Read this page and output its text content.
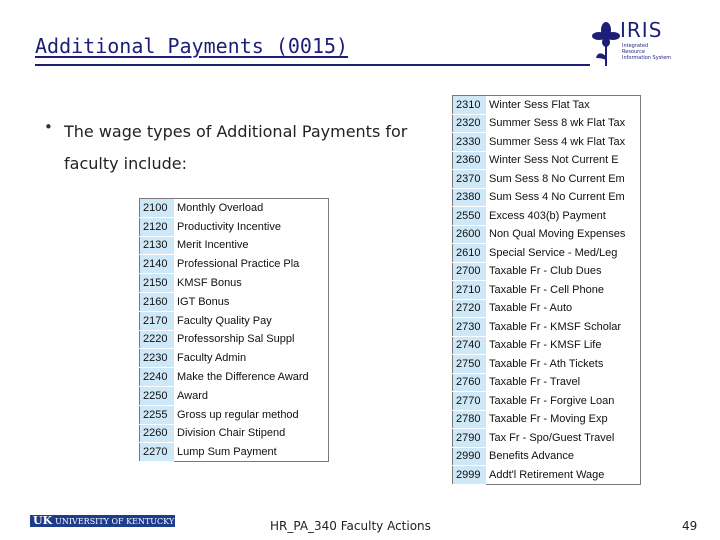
Additional Payments (0015)
IRIS
Integrated Resource Information System
• The wage types of Additional Payments for faculty include:
2100	Monthly Overload
2120	Productivity Incentive
2130	Merit Incentive
2140	Professional Practice Pla
2150	KMSF Bonus
2160	IGT Bonus
2170	Faculty Quality Pay
2220	Professorship Sal Suppl
2230	Faculty Admin
2240	Make the Difference Award
2250	Award
2255	Gross up regular method
2260	Division Chair Stipend
2270	Lump Sum Payment
2310	Winter Sess Flat Tax
2320	Summer Sess 8 wk Flat Tax
2330	Summer Sess 4 wk Flat Tax
2360	Winter Sess Not Current E
2370	Sum Sess 8 No Current Em
2380	Sum Sess 4 No Current Em
2550	Excess 403(b) Payment
2600	Non Qual Moving Expenses
2610	Special Service - Med/Leg
2700	Taxable Fr - Club Dues
2710	Taxable Fr - Cell Phone
2720	Taxable Fr - Auto
2730	Taxable Fr - KMSF Scholar
2740	Taxable Fr - KMSF Life
2750	Taxable Fr - Ath Tickets
2760	Taxable Fr - Travel
2770	Taxable Fr - Forgive Loan
2780	Taxable Fr - Moving Exp
2790	Tax Fr - Spo/Guest Travel
2990	Benefits Advance
2999	Addt'l Retirement Wage
UK UNIVERSITY OF KENTUCKY	HR_PA_340 Faculty Actions	49
